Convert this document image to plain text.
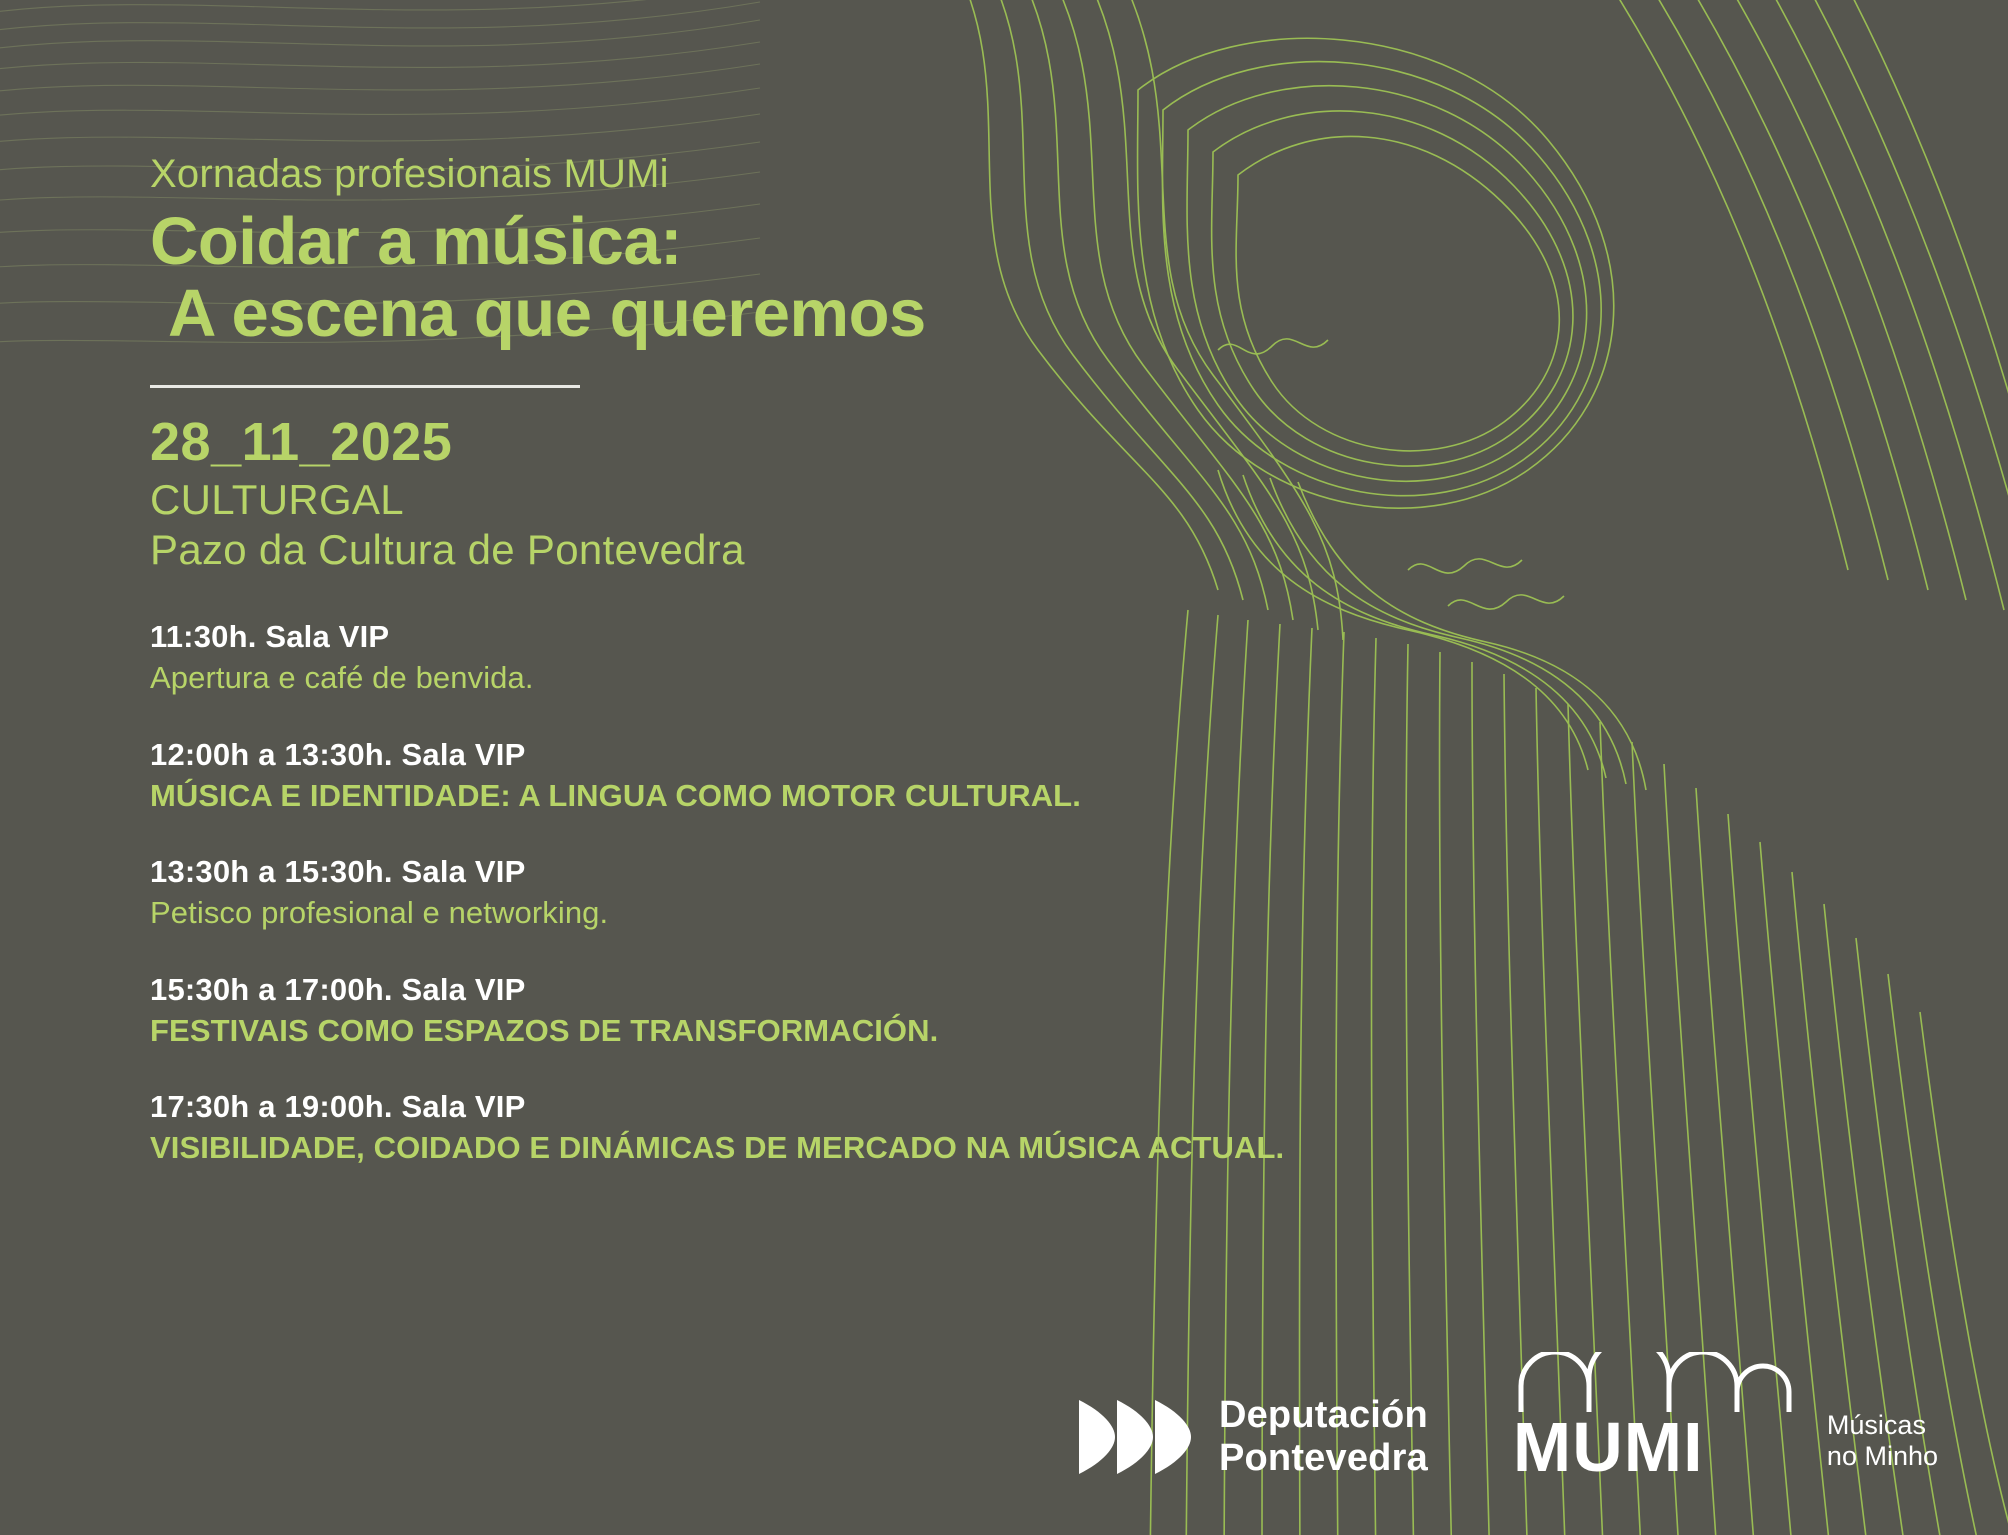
Xornadas profesionais MUMi

Coidar a música:
A escena que queremos

28_11_2025

CULTURGAL

Pazo da Cultura de Pontevedra

11:30h. Sala VIP
Apertura e café de benvida.
12:00h a 13:30h. Sala VIP
MÚSICA E IDENTIDADE: A LINGUA COMO MOTOR CULTURAL.
13:30h a 15:30h. Sala VIP
Petisco profesional e networking.
15:30h a 17:00h. Sala VIP
FESTIVAIS COMO ESPAZOS DE TRANSFORMACIÓN.
17:30h a 19:00h. Sala VIP
VISIBILIDADE, COIDADO E DINÁMICAS DE MERCADO NA MÚSICA ACTUAL.
Deputación
Pontevedra MUMI	Músicas
no Minho
